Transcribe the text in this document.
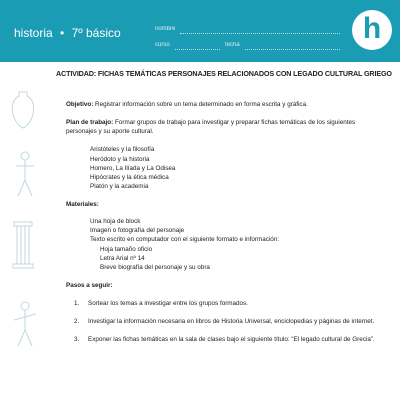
historia • 7º básico	nombre
curso	fecha
h
ACTIVIDAD: FICHAS TEMÁTICAS PERSONAJES RELACIONADOS CON LEGADO CULTURAL GRIEGO

Objetivo: Registrar información sobre un tema determinado en forma escrita y gráfica.

Plan de trabajo: Formar grupos de trabajo para investigar y preparar fichas temáticas de los siguientes personajes y su aporte cultural.

Aristóteles y la filosofía
Heródoto y la historia
Homero, La Ilíada y La Odisea
Hipócrates y la ética médica
Platón y la academia

Materiales:

Una hoja de block
Imagen o fotografía del personaje
Texto escrito en computador con el siguiente formato e información:
Hoja tamaño oficio
Letra Arial nº 14
Breve biografía del personaje y su obra

Pasos a seguir:

1. Sortear los temas a investigar entre los grupos formados.
2. Investigar la información necesaria en libros de Historia Universal, enciclopedias y páginas de internet.
3. Exponer las fichas temáticas en la sala de clases bajo el siguiente título: “El legado cultural de Grecia”.
